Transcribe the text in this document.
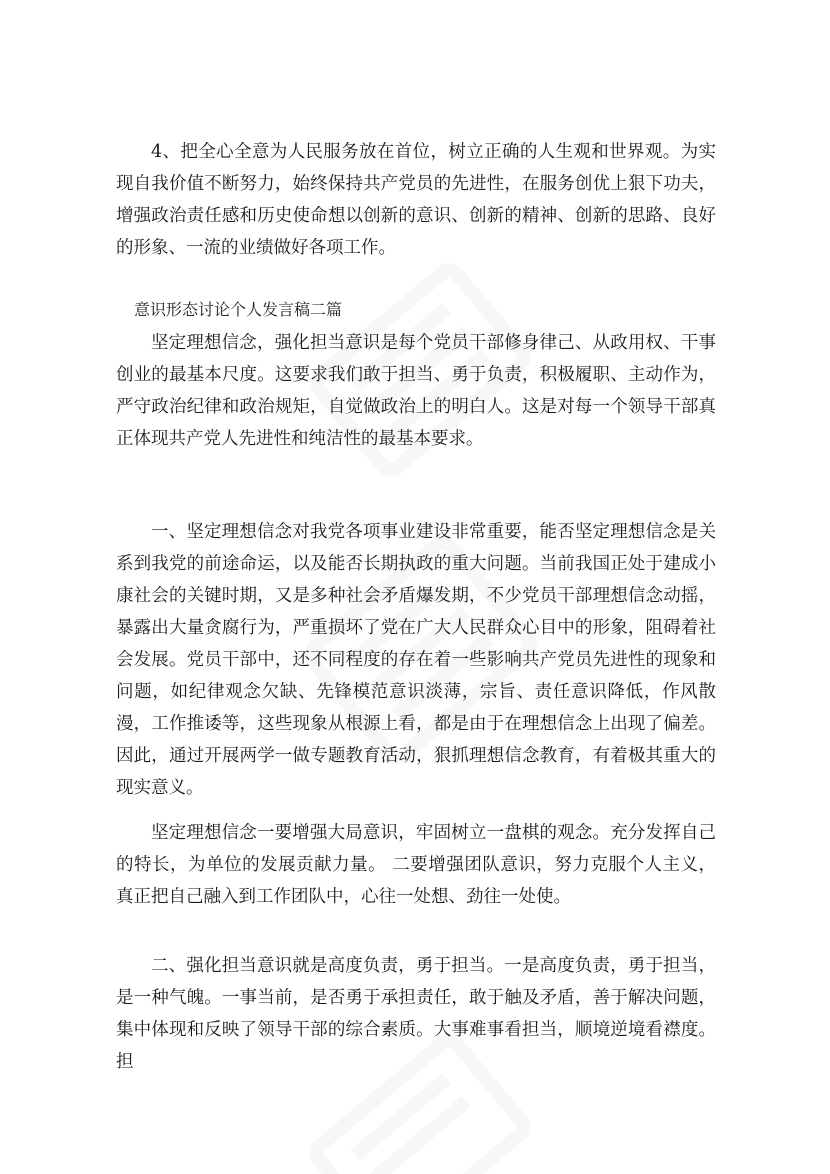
4、把全心全意为人民服务放在首位，树立正确的人生观和世界观。为实现自我价值不断努力，始终保持共产党员的先进性，在服务创优上狠下功夫，增强政治责任感和历史使命想以创新的意识、创新的精神、创新的思路、良好的形象、一流的业绩做好各项工作。

意识形态讨论个人发言稿二篇

坚定理想信念，强化担当意识是每个党员干部修身律己、从政用权、干事创业的最基本尺度。这要求我们敢于担当、勇于负责，积极履职、主动作为，严守政治纪律和政治规矩，自觉做政治上的明白人。这是对每一个领导干部真正体现共产党人先进性和纯洁性的最基本要求。

一、坚定理想信念对我党各项事业建设非常重要，能否坚定理想信念是关系到我党的前途命运，以及能否长期执政的重大问题。当前我国正处于建成小康社会的关键时期，又是多种社会矛盾爆发期，不少党员干部理想信念动摇，暴露出大量贪腐行为，严重损坏了党在广大人民群众心目中的形象，阻碍着社会发展。党员干部中，还不同程度的存在着一些影响共产党员先进性的现象和问题，如纪律观念欠缺、先锋模范意识淡薄，宗旨、责任意识降低，作风散漫，工作推诿等，这些现象从根源上看，都是由于在理想信念上出现了偏差。因此，通过开展两学一做专题教育活动，狠抓理想信念教育，有着极其重大的现实意义。

坚定理想信念一要增强大局意识，牢固树立一盘棋的观念。充分发挥自己的特长，为单位的发展贡献力量。 二要增强团队意识，努力克服个人主义，真正把自己融入到工作团队中，心往一处想、劲往一处使。

二、强化担当意识就是高度负责，勇于担当。一是高度负责，勇于担当，是一种气魄。一事当前，是否勇于承担责任，敢于触及矛盾，善于解决问题，集中体现和反映了领导干部的综合素质。大事难事看担当，顺境逆境看襟度。担
